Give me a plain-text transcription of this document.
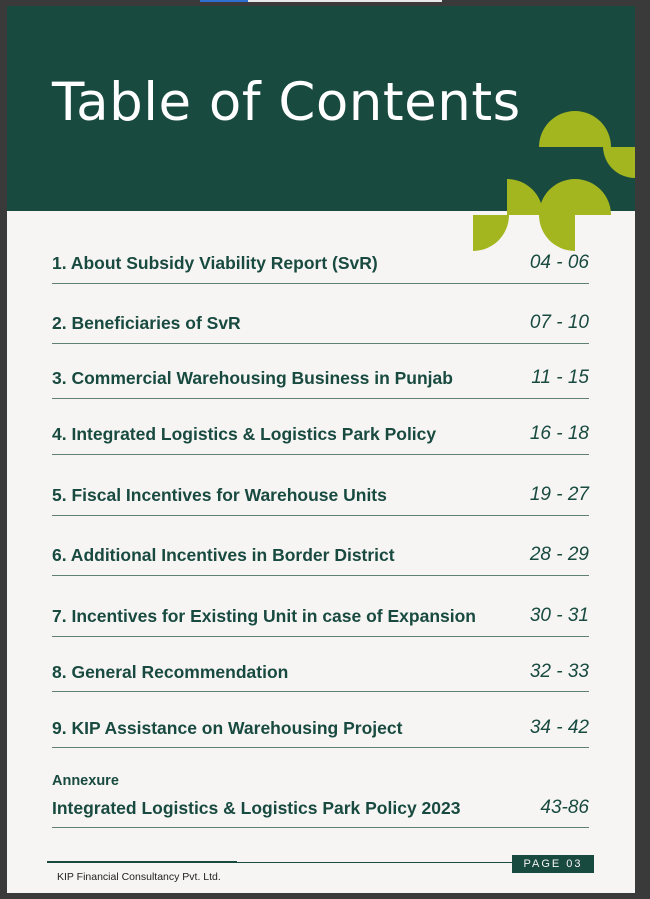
Table of Contents
1. About Subsidy Viability Report (SvR)	04 - 06
2. Beneficiaries of SvR	07 - 10
3. Commercial Warehousing Business in Punjab	11 - 15
4. Integrated Logistics & Logistics Park Policy	16 - 18
5. Fiscal Incentives for Warehouse Units	19 - 27
6. Additional Incentives in Border District	28 - 29
7. Incentives for Existing Unit in case of Expansion	30 - 31
8. General Recommendation	32 - 33
9. KIP Assistance on Warehousing Project	34 - 42
Annexure
Integrated Logistics & Logistics Park Policy 2023	43-86
PAGE 03
KIP Financial Consultancy Pvt. Ltd.
